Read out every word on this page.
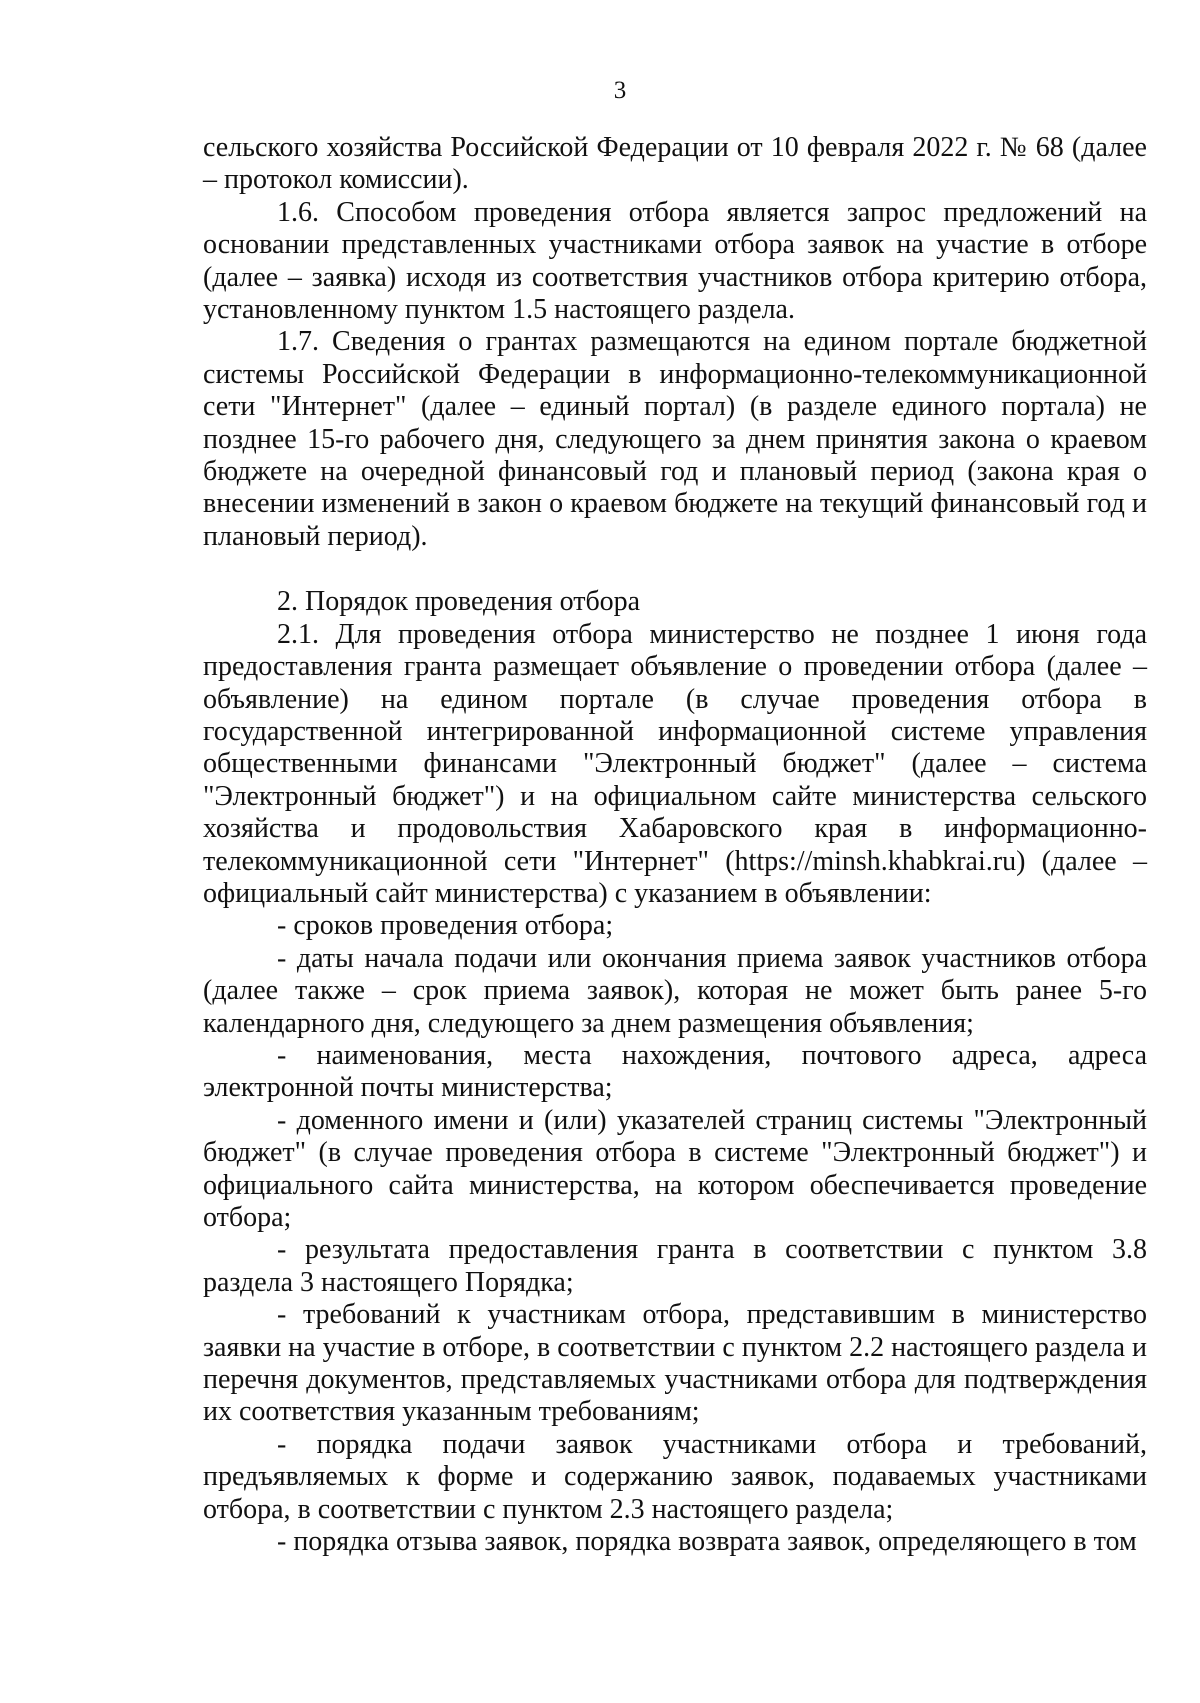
3

сельского хозяйства Российской Федерации от 10 февраля 2022 г. № 68 (далее – протокол комиссии).

1.6. Способом проведения отбора является запрос предложений на основании представленных участниками отбора заявок на участие в отборе (далее – заявка) исходя из соответствия участников отбора критерию отбора, установленному пунктом 1.5 настоящего раздела.

1.7. Сведения о грантах размещаются на едином портале бюджетной системы Российской Федерации в информационно-телекоммуникационной сети "Интернет" (далее – единый портал) (в разделе единого портала) не позднее 15-го рабочего дня, следующего за днем принятия закона о краевом бюджете на очередной финансовый год и плановый период (закона края о внесении изменений в закон о краевом бюджете на текущий финансовый год и плановый период).

2. Порядок проведения отбора

2.1. Для проведения отбора министерство не позднее 1 июня года предоставления гранта размещает объявление о проведении отбора (далее – объявление) на едином портале (в случае проведения отбора в государственной интегрированной информационной системе управления общественными финансами "Электронный бюджет" (далее – система "Электронный бюджет") и на официальном сайте министерства сельского хозяйства и продовольствия Хабаровского края в информационно-телекоммуникационной сети "Интернет" (https://minsh.khabkrai.ru) (далее – официальный сайт министерства) с указанием в объявлении:

- сроков проведения отбора;

- даты начала подачи или окончания приема заявок участников отбора (далее также – срок приема заявок), которая не может быть ранее 5-го календарного дня, следующего за днем размещения объявления;

- наименования, места нахождения, почтового адреса, адреса электронной почты министерства;

- доменного имени и (или) указателей страниц системы "Электронный бюджет" (в случае проведения отбора в системе "Электронный бюджет") и официального сайта министерства, на котором обеспечивается проведение отбора;

- результата предоставления гранта в соответствии с пунктом 3.8 раздела 3 настоящего Порядка;

- требований к участникам отбора, представившим в министерство заявки на участие в отборе, в соответствии с пунктом 2.2 настоящего раздела и перечня документов, представляемых участниками отбора для подтверждения их соответствия указанным требованиям;

- порядка подачи заявок участниками отбора и требований, предъявляемых к форме и содержанию заявок, подаваемых участниками отбора, в соответствии с пунктом 2.3 настоящего раздела;

- порядка отзыва заявок, порядка возврата заявок, определяющего в том
